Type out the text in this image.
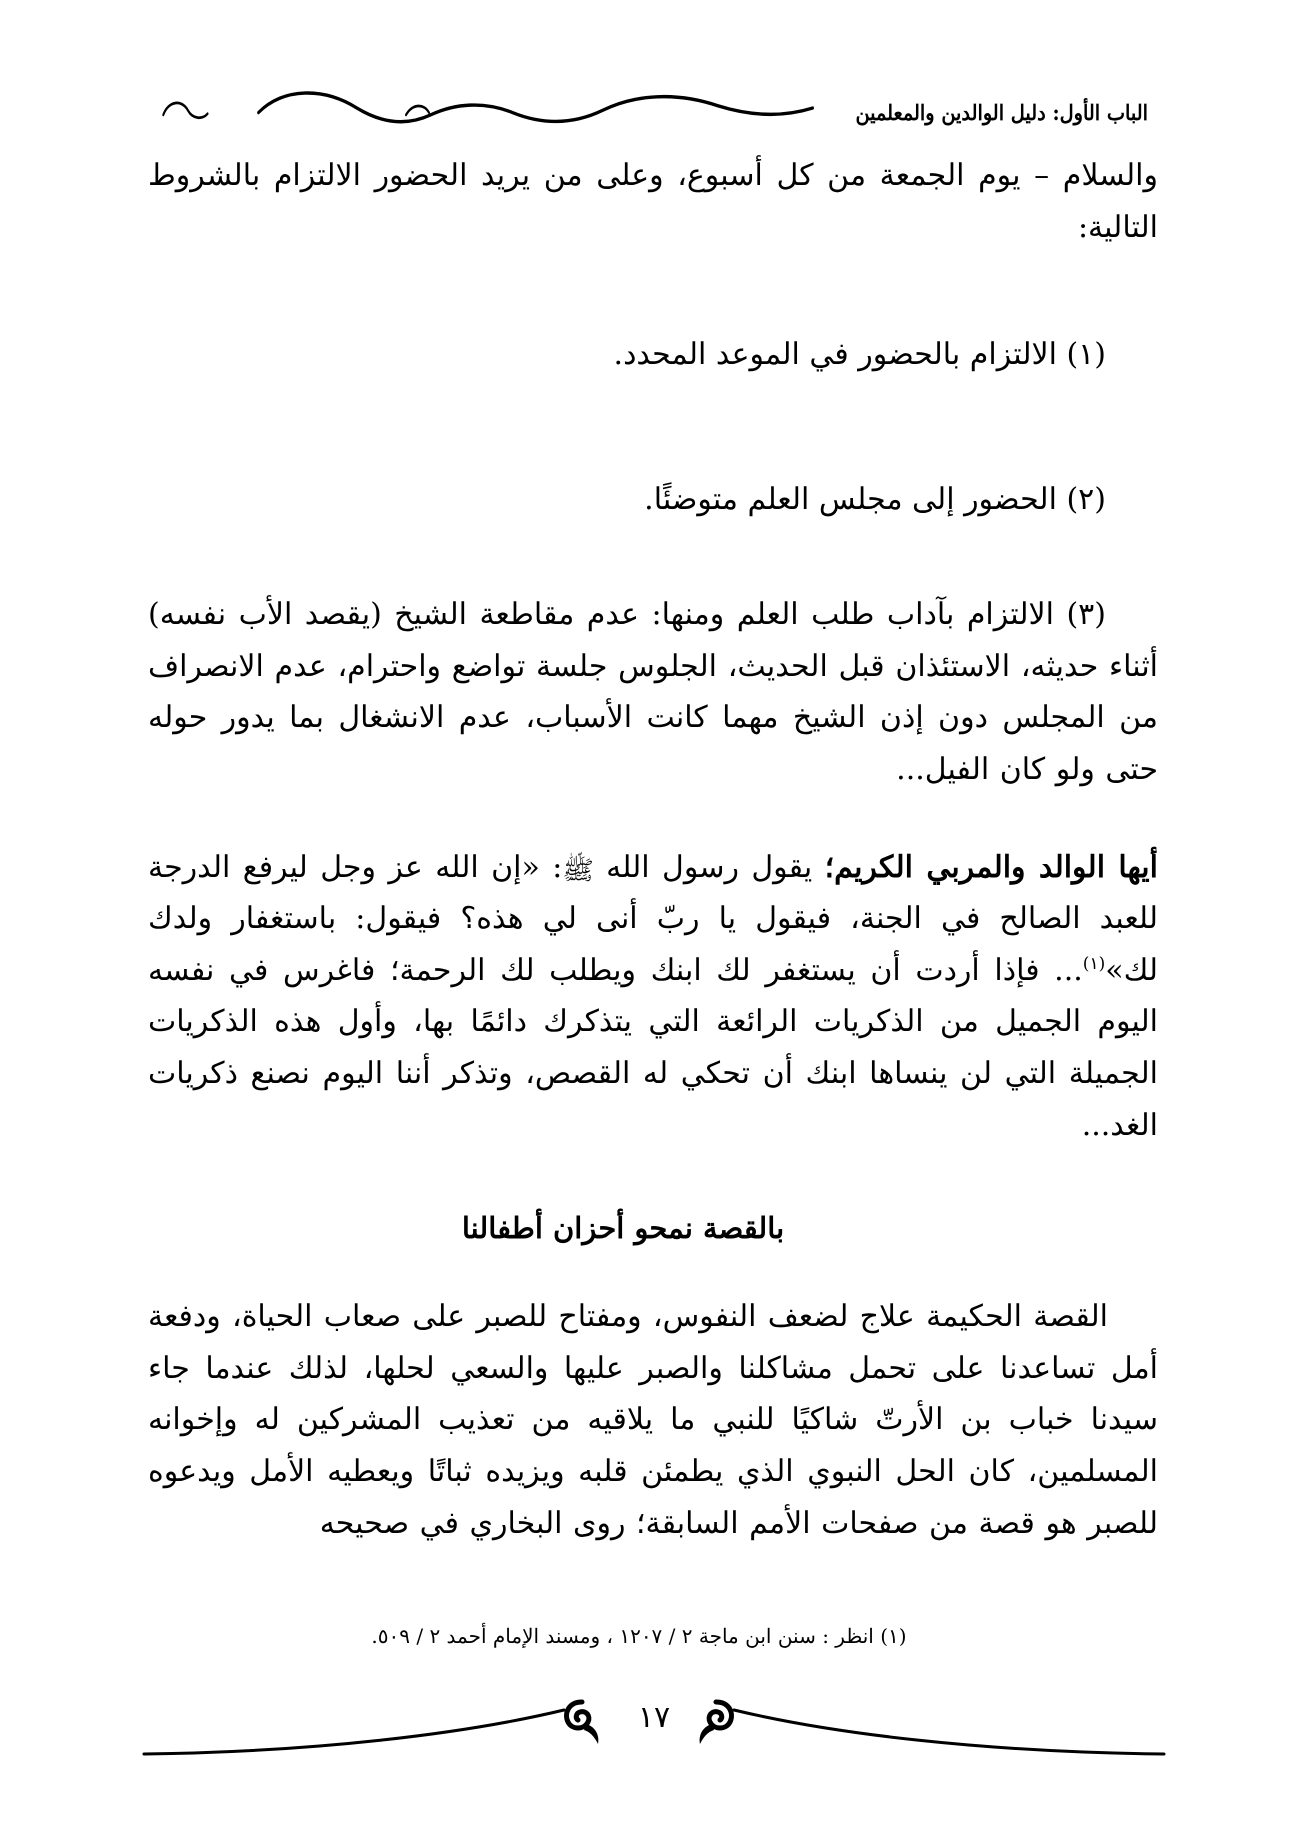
الباب الأول: دليل الوالدين والمعلمين

والسلام – يوم الجمعة من كل أسبوع، وعلى من يريد الحضور الالتزام بالشروط التالية:

(١) الالتزام بالحضور في الموعد المحدد.

(٢) الحضور إلى مجلس العلم متوضئًا.

(٣) الالتزام بآداب طلب العلم ومنها: عدم مقاطعة الشيخ (يقصد الأب نفسه) أثناء حديثه، الاستئذان قبل الحديث، الجلوس جلسة تواضع واحترام، عدم الانصراف من المجلس دون إذن الشيخ مهما كانت الأسباب، عدم الانشغال بما يدور حوله حتى ولو كان الفيل...

أيها الوالد والمربي الكريم؛ يقول رسول الله ﷺ: «إن الله عز وجل ليرفع الدرجة للعبد الصالح في الجنة، فيقول يا ربّ أنى لي هذه؟ فيقول: باستغفار ولدك لك»$^{(١)}$... فإذا أردت أن يستغفر لك ابنك ويطلب لك الرحمة؛ فاغرس في نفسه اليوم الجميل من الذكريات الرائعة التي يتذكرك دائمًا بها، وأول هذه الذكريات الجميلة التي لن ينساها ابنك أن تحكي له القصص، وتذكر أننا اليوم نصنع ذكريات الغد...

بالقصة نمحو أحزان أطفالنا

القصة الحكيمة علاج لضعف النفوس، ومفتاح للصبر على صعاب الحياة، ودفعة أمل تساعدنا على تحمل مشاكلنا والصبر عليها والسعي لحلها، لذلك عندما جاء سيدنا خباب بن الأرتّ شاكيًا للنبي ما يلاقيه من تعذيب المشركين له وإخوانه المسلمين، كان الحل النبوي الذي يطمئن قلبه ويزيده ثباتًا ويعطيه الأمل ويدعوه للصبر هو قصة من صفحات الأمم السابقة؛ روى البخاري في صحيحه

(١) انظر : سنن ابن ماجة ٢ / ١٢٠٧ ، ومسند الإمام أحمد ٢ / ٥٠٩.
١٧
